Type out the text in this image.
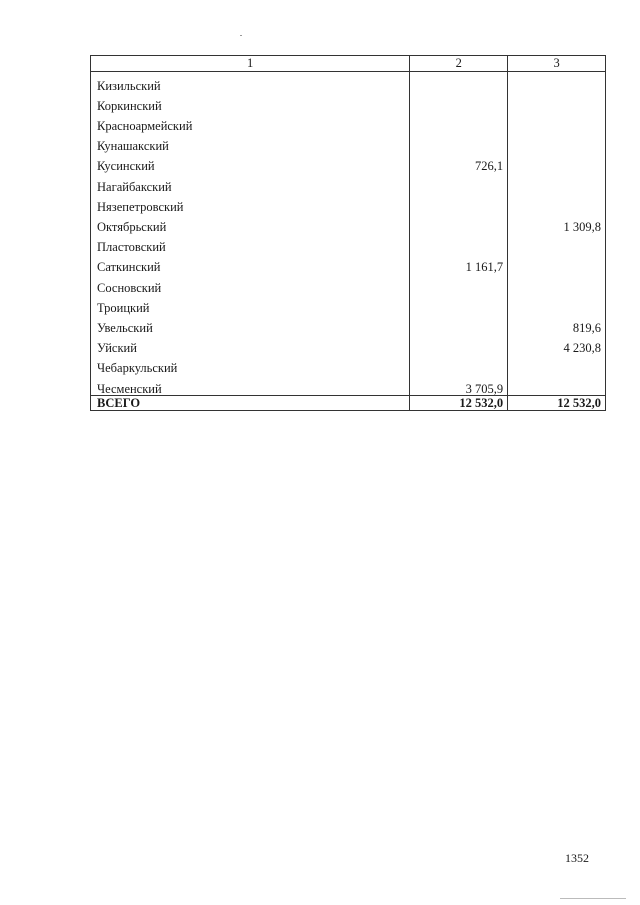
1	2	3
Кизильский		
Коркинский		
Красноармейский		
Кунашакский		
Кусинский	726,1	
Нагайбакский		
Нязепетровский		
Октябрьский		1 309,8
Пластовский		
Саткинский	1 161,7	
Сосновский		
Троицкий		
Увельский		819,6
Уйский		4 230,8
Чебаркульский		
Чесменский	3 705,9	
ВСЕГО	12 532,0	12 532,0
1352
